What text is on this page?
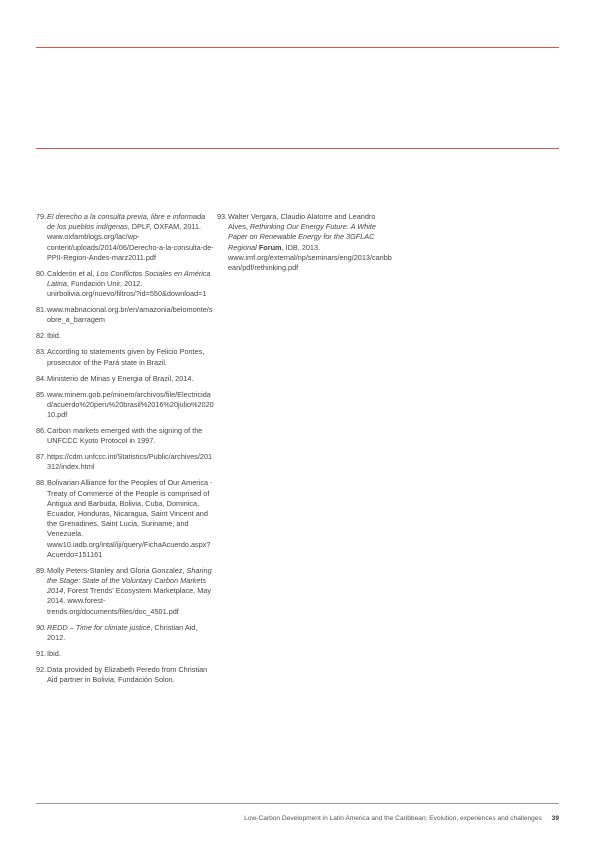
79. El derecho a la consulta previa, libre e informada de los pueblos indígenas, DPLF, OXFAM, 2011. www.oxfamblogs.org/lac/wp-content/uploads/2014/06/Derecho-a-la-consulta-de-PPII-Region-Andes-marz2011.pdf
80. Calderón et al, Los Conflictos Sociales en América Latina, Fundación Unir, 2012. unirbolivia.org/nuevo/filtros/?id=550&download=1
81. www.mabnacional.org.br/en/amazonia/belomonte/sobre_a_barragem
82. Ibid.
83. According to statements given by Felicio Pontes, prosecutor of the Pará state in Brazil.
84. Ministerio de Minas y Energia of Brazil, 2014.
85. www.minem.gob.pe/minem/archivos/file/Electricidad/acuerdo%20peru%20brasil%2016%20julio%202010.pdf
86. Carbon markets emerged with the signing of the UNFCCC Kyoto Protocol in 1997.
87. https://cdm.unfccc.int/Statistics/Public/archives/201312/index.html
88. Bolivarian Alliance for the Peoples of Our America - Treaty of Commerce of the People is comprised of Antigua and Barbuda, Bolivia, Cuba, Dominica, Ecuador, Honduras, Nicaragua, Saint Vincent and the Grenadines, Saint Lucia, Suriname, and Venezuela. www10.iadb.org/intal/iji/query/FichaAcuerdo.aspx?Acuerdo=151161
89. Molly Peters-Stanley and Gloria Gonzalez, Sharing the Stage: State of the Voluntary Carbon Markets 2014, Forest Trends' Ecosystem Marketplace, May 2014. www.forest-trends.org/documents/files/doc_4501.pdf
90. REDD – Time for climate justice, Christian Aid, 2012.
91. Ibid.
92. Data provided by Elizabeth Peredo from Christian Aid partner in Bolivia, Fundación Solon.
93. Walter Vergara, Claudio Alatorre and Leandro Alves, Rethinking Our Energy Future. A White Paper on Renewable Energy for the 3GFLAC Regional Forum, IDB, 2013. www.imf.org/external/np/seminars/eng/2013/caribbean/pdf/rethinking.pdf
Low-Carbon Development in Latin America and the Caribbean: Evolution, experiences and challenges 39
